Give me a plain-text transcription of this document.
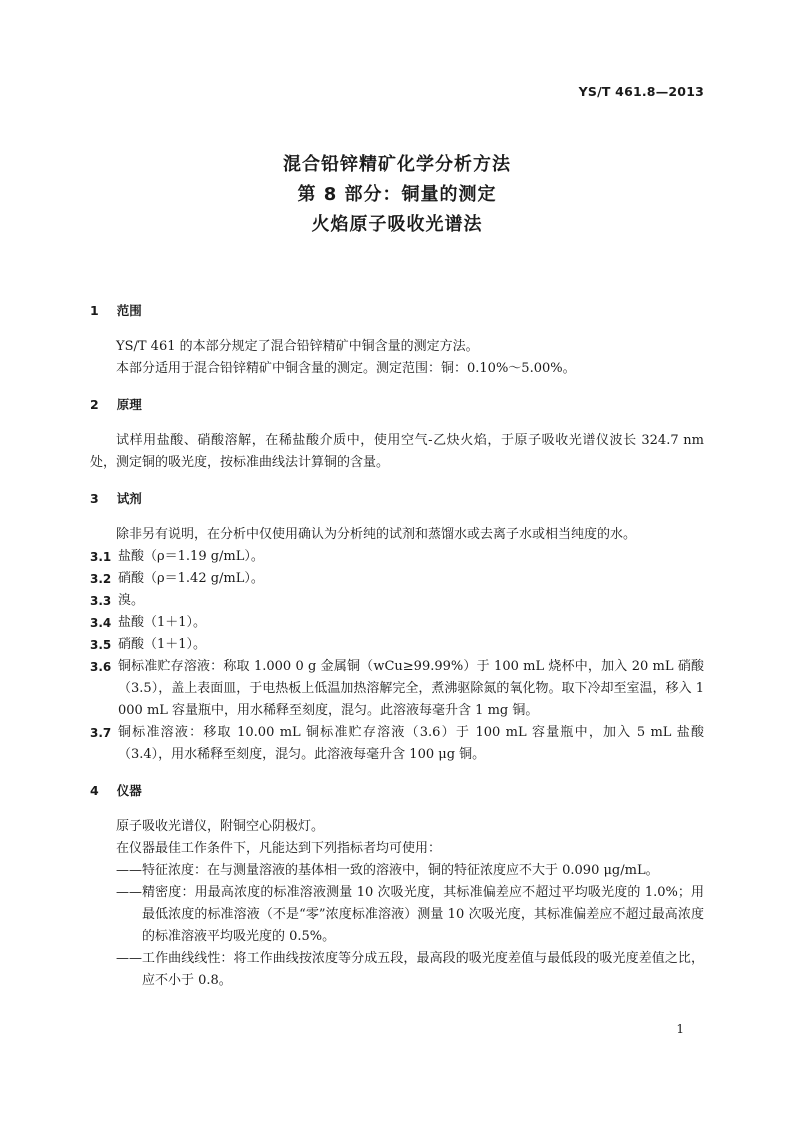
YS/T 461.8—2013
混合铅锌精矿化学分析方法
第 8 部分：铜量的测定
火焰原子吸收光谱法
1 范围
YS/T 461 的本部分规定了混合铅锌精矿中铜含量的测定方法。
本部分适用于混合铅锌精矿中铜含量的测定。测定范围：铜：0.10%～5.00%。
2 原理
试样用盐酸、硝酸溶解，在稀盐酸介质中，使用空气-乙炔火焰，于原子吸收光谱仪波长 324.7 nm 处，测定铜的吸光度，按标准曲线法计算铜的含量。
3 试剂
除非另有说明，在分析中仅使用确认为分析纯的试剂和蒸馏水或去离子水或相当纯度的水。
3.1 盐酸（ρ＝1.19 g/mL）。
3.2 硝酸（ρ＝1.42 g/mL）。
3.3 溴。
3.4 盐酸（1＋1）。
3.5 硝酸（1＋1）。
3.6 铜标准贮存溶液：称取 1.000 0 g 金属铜（wCu≥99.99%）于 100 mL 烧杯中，加入 20 mL 硝酸（3.5），盖上表面皿，于电热板上低温加热溶解完全，煮沸驱除氮的氧化物。取下冷却至室温，移入 1 000 mL 容量瓶中，用水稀释至刻度，混匀。此溶液每毫升含 1 mg 铜。
3.7 铜标准溶液：移取 10.00 mL 铜标准贮存溶液（3.6）于 100 mL 容量瓶中，加入 5 mL 盐酸（3.4），用水稀释至刻度，混匀。此溶液每毫升含 100 μg 铜。
4 仪器
原子吸收光谱仪，附铜空心阴极灯。
在仪器最佳工作条件下，凡能达到下列指标者均可使用：
—— 特征浓度：在与测量溶液的基体相一致的溶液中，铜的特征浓度应不大于 0.090 μg/mL。
—— 精密度：用最高浓度的标准溶液测量 10 次吸光度，其标准偏差应不超过平均吸光度的 1.0%；用最低浓度的标准溶液（不是“零”浓度标准溶液）测量 10 次吸光度，其标准偏差应不超过最高浓度的标准溶液平均吸光度的 0.5%。
—— 工作曲线线性：将工作曲线按浓度等分成五段，最高段的吸光度差值与最低段的吸光度差值之比，应不小于 0.8。
1
